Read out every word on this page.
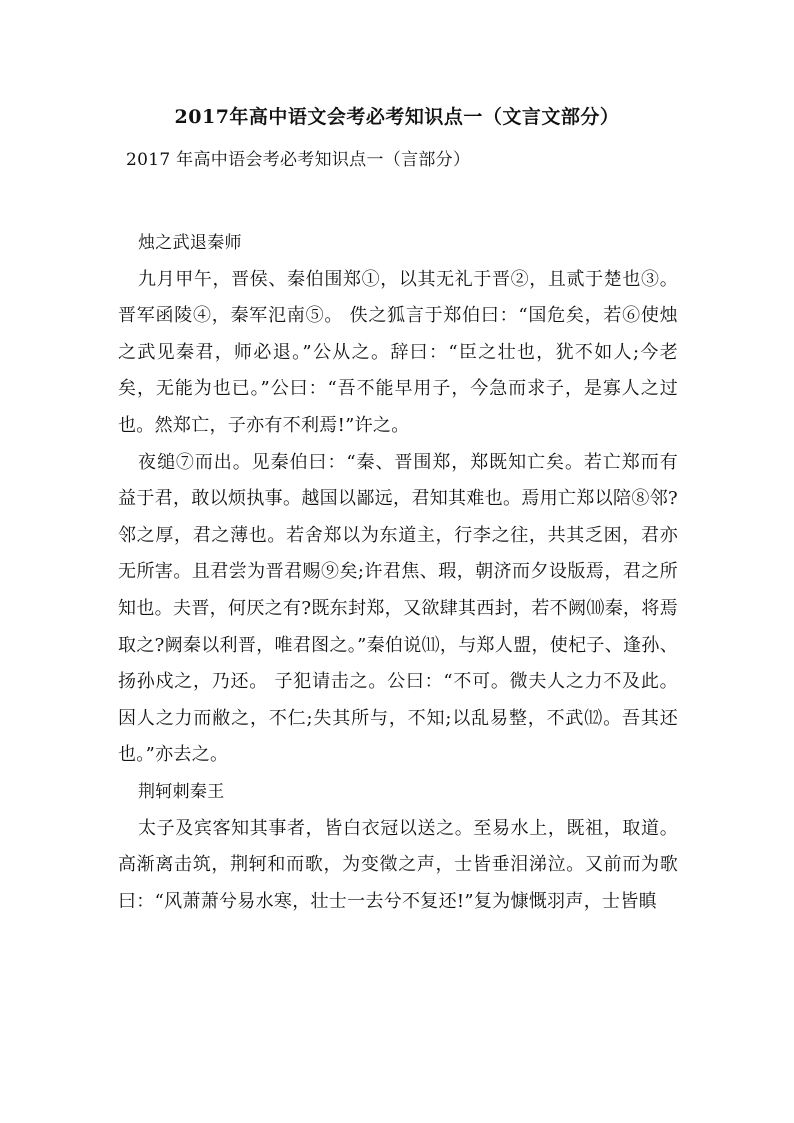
2017年高中语文会考必考知识点一（文言文部分）

2017 年高中语会考必考知识点一（言部分）

烛之武退秦师

九月甲午，晋侯、秦伯围郑①，以其无礼于晋②，且贰于楚也③。晋军函陵④，秦军氾南⑤。 佚之狐言于郑伯曰：“国危矣，若⑥使烛之武见秦君，师必退。”公从之。辞曰：“臣之壮也，犹不如人;今老矣，无能为也已。”公曰：“吾不能早用子，今急而求子，是寡人之过也。然郑亡，子亦有不利焉!”许之。

夜缒⑦而出。见秦伯曰：“秦、晋围郑，郑既知亡矣。若亡郑而有益于君，敢以烦执事。越国以鄙远，君知其难也。焉用亡郑以陪⑧邻?邻之厚，君之薄也。若舍郑以为东道主，行李之往，共其乏困，君亦无所害。且君尝为晋君赐⑨矣;许君焦、瑕，朝济而夕设版焉，君之所知也。夫晋，何厌之有?既东封郑，又欲肆其西封，若不阙⑽秦，将焉取之?阙秦以利晋，唯君图之。”秦伯说⑾，与郑人盟，使杞子、逢孙、扬孙戍之，乃还。 子犯请击之。公曰：“不可。微夫人之力不及此。因人之力而敝之，不仁;失其所与，不知;以乱易整，不武⑿。吾其还也。”亦去之。

荆轲刺秦王

太子及宾客知其事者，皆白衣冠以送之。至易水上，既祖，取道。高渐离击筑，荆轲和而歌，为变徵之声，士皆垂泪涕泣。又前而为歌曰：“风萧萧兮易水寒，壮士一去兮不复还!”复为慷慨羽声，士皆瞋
